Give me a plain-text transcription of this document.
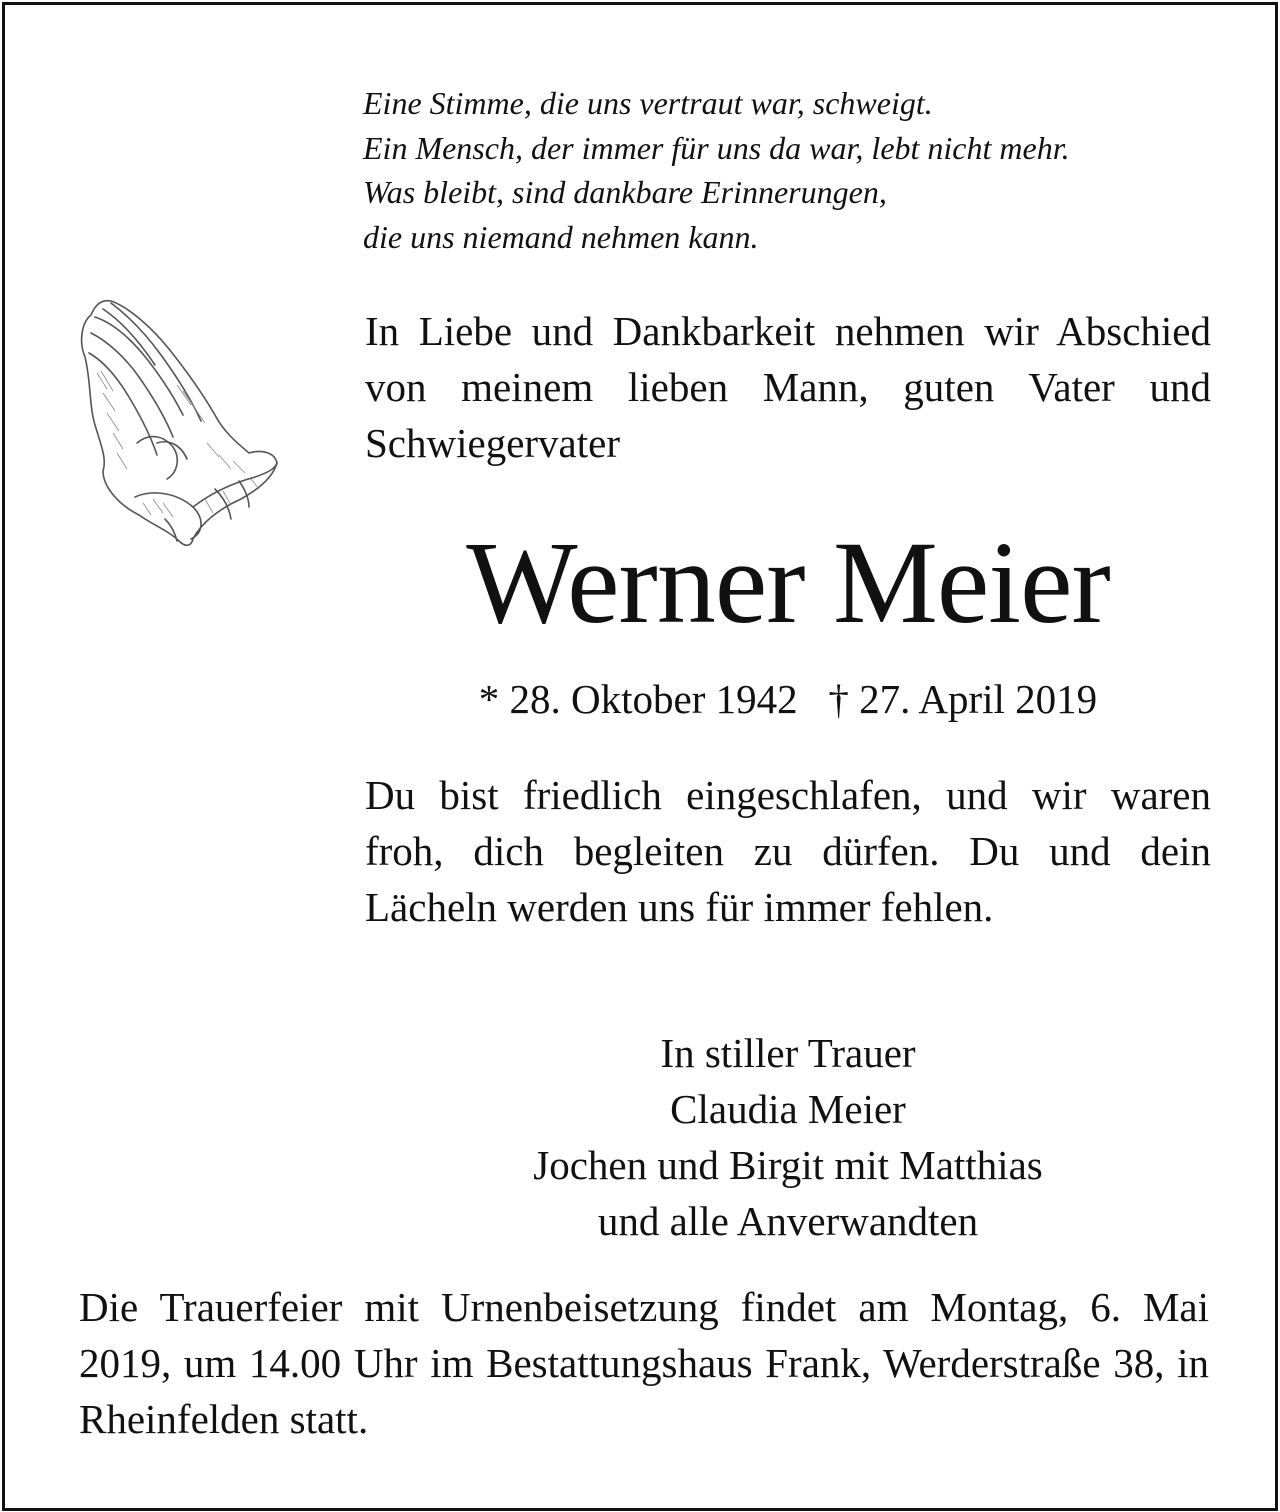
Eine Stimme, die uns vertraut war, schweigt.
Ein Mensch, der immer für uns da war, lebt nicht mehr.
Was bleibt, sind dankbare Erinnerungen,
die uns niemand nehmen kann.
In Liebe und Dankbarkeit nehmen wir Abschied von meinem lieben Mann, guten Vater und Schwiegervater
Werner Meier
* 28. Oktober 1942   † 27. April 2019
Du bist friedlich eingeschlafen, und wir waren froh, dich begleiten zu dürfen. Du und dein Lächeln werden uns für immer fehlen.
In stiller Trauer
Claudia Meier
Jochen und Birgit mit Matthias
und alle Anverwandten
Die Trauerfeier mit Urnenbeisetzung findet am Montag, 6. Mai 2019, um 14.00 Uhr im Bestattungshaus Frank, Werderstraße 38, in Rheinfelden statt.
